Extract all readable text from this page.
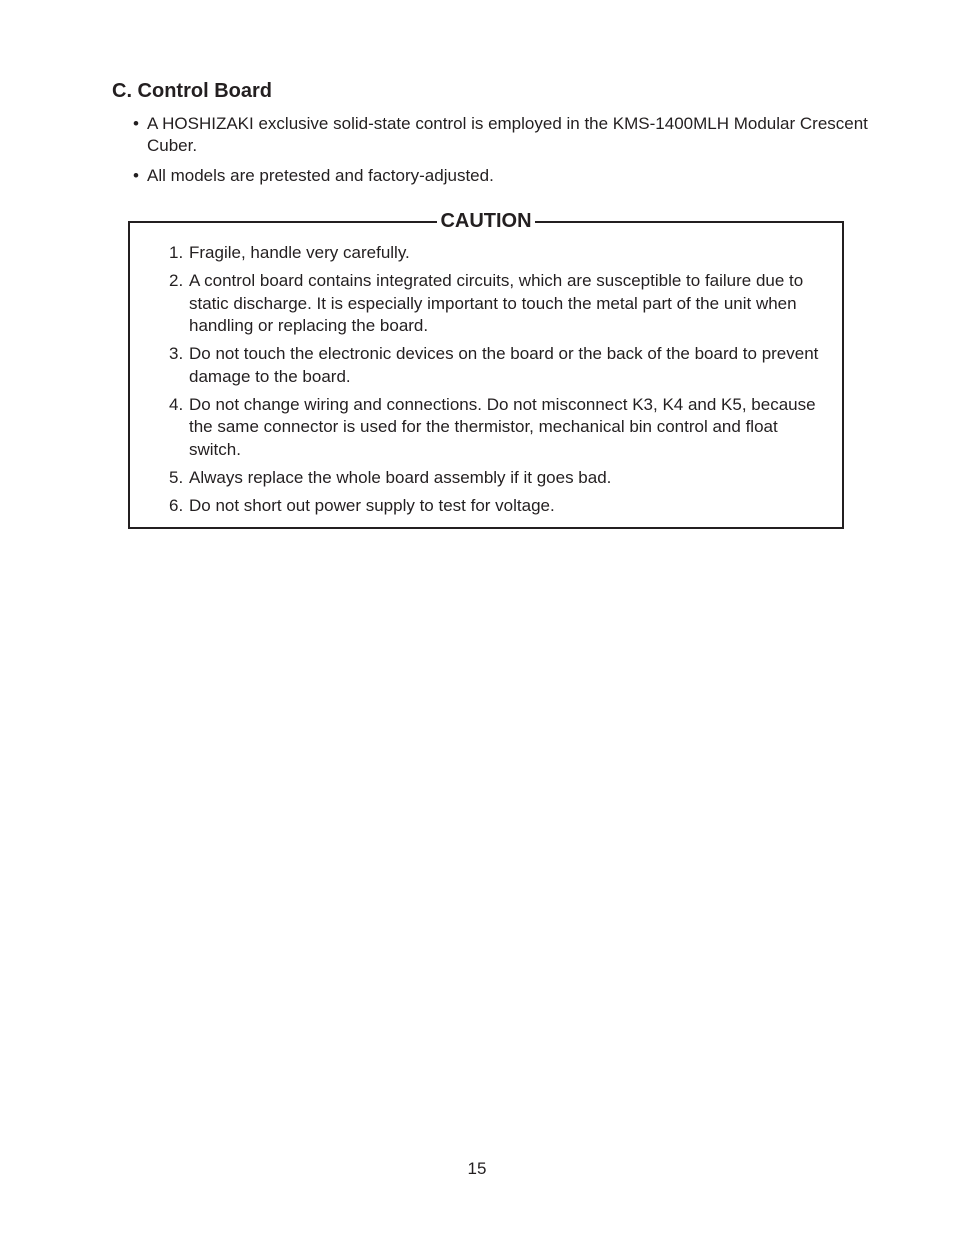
C. Control Board
• A HOSHIZAKI exclusive solid-state control is employed in the KMS-1400MLH Modular Crescent Cuber.
• All models are pretested and factory-adjusted.
CAUTION
1. Fragile, handle very carefully.
2. A control board contains integrated circuits, which are susceptible to failure due to static discharge. It is especially important to touch the metal part of the unit when handling or replacing the board.
3. Do not touch the electronic devices on the board or the back of the board to prevent damage to the board.
4. Do not change wiring and connections. Do not misconnect K3, K4 and K5, because the same connector is used for the thermistor, mechanical bin control and float switch.
5. Always replace the whole board assembly if it goes bad.
6. Do not short out power supply to test for voltage.
15
